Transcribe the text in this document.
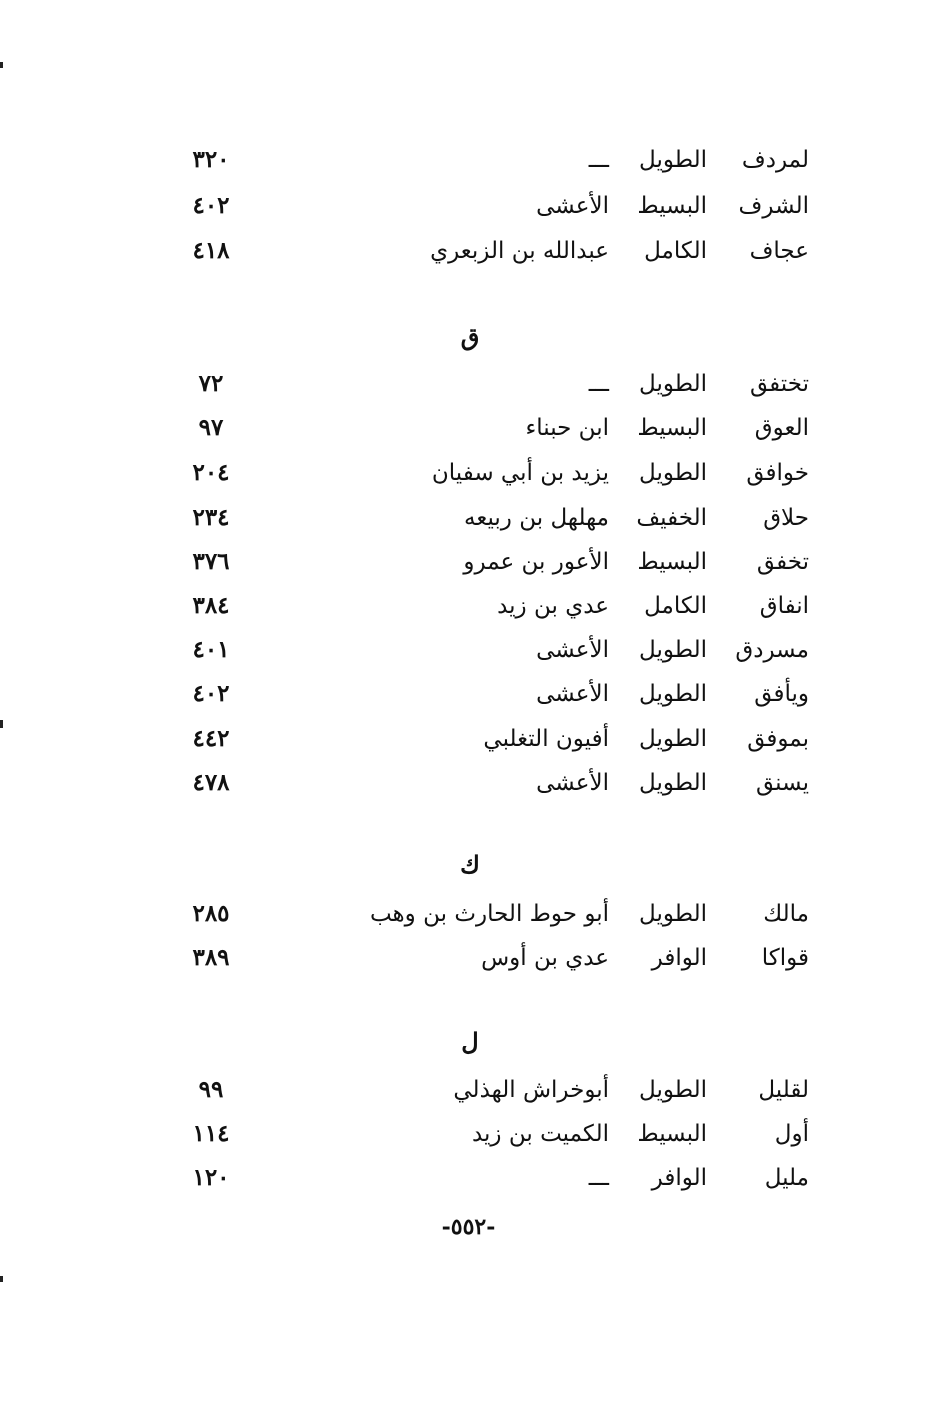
لمردف
الطويل
ـــ
٣٢٠
الشرف
البسيط
الأعشى
٤٠٢
عجاف
الكامل
عبدالله بن الزبعري
٤١٨
ق
تختفق
الطويل
ـــ
٧٢
العوق
البسيط
ابن حبناء
٩٧
خوافق
الطويل
يزيد بن أبي سفيان
٢٠٤
حلاق
الخفيف
مهلهل بن ربيعه
٢٣٤
تخفق
البسيط
الأعور بن عمرو
٣٧٦
انفاق
الكامل
عدي بن زيد
٣٨٤
مسردق
الطويل
الأعشى
٤٠١
ويأفق
الطويل
الأعشى
٤٠٢
بموفق
الطويل
أفيون التغلبي
٤٤٢
يسنق
الطويل
الأعشى
٤٧٨
ك
مالك
الطويل
أبو حوط الحارث بن وهب
٢٨٥
قواكا
الوافر
عدي بن أوس
٣٨٩
ل
لقليل
الطويل
أبوخراش الهذلي
٩٩
أول
البسيط
الكميت بن زيد
١١٤
مليل
الوافر
ـــ
١٢٠
-٥٥٢-
